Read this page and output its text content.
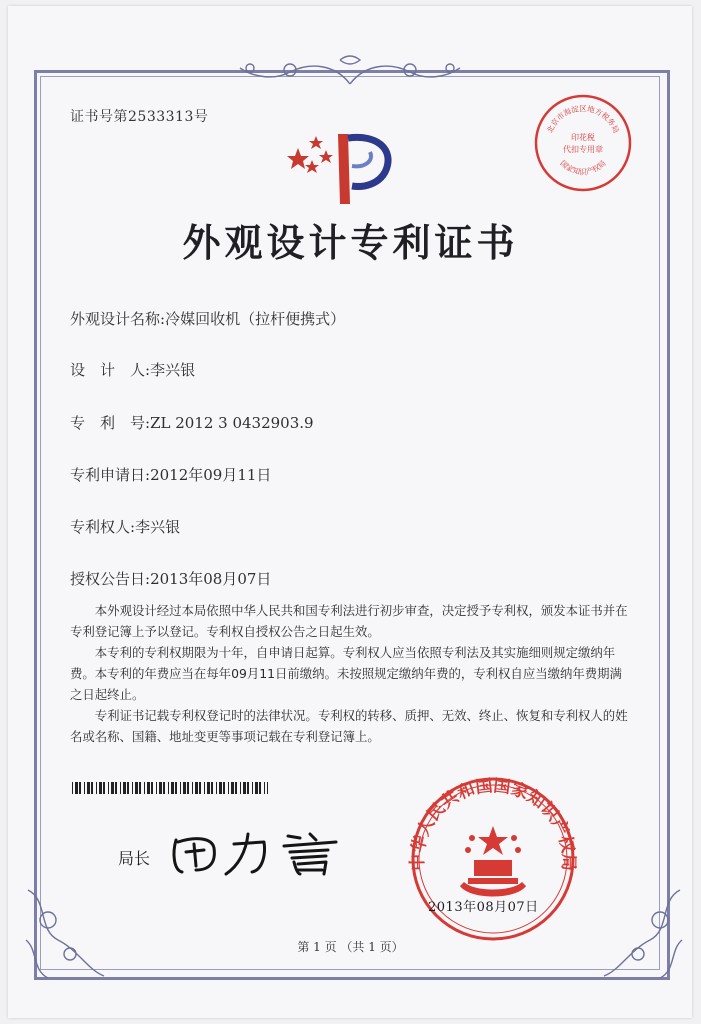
证书号第2533313号
外观设计专利证书
北京市海淀区地方税务局
印花税
代扣专用章
国家知识产权局
外观设计名称:冷媒回收机（拉杆便携式）
设　计　人:李兴银
专　利　号:ZL 2012 3 0432903.9
专利申请日:2012年09月11日
专利权人:李兴银
授权公告日:2013年08月07日

本外观设计经过本局依照中华人民共和国专利法进行初步审查，决定授予专利权，颁发本证书并在专利登记簿上予以登记。专利权自授权公告之日起生效。

本专利的专利权期限为十年，自申请日起算。专利权人应当依照专利法及其实施细则规定缴纳年费。本专利的年费应当在每年09月11日前缴纳。未按照规定缴纳年费的，专利权自应当缴纳年费期满之日起终止。

专利证书记载专利权登记时的法律状况。专利权的转移、质押、无效、终止、恢复和专利权人的姓名或名称、国籍、地址变更等事项记载在专利登记簿上。

局长	中华人民共和国国家知识产权局
2013年08月07日
第 1 页 （共 1 页）
